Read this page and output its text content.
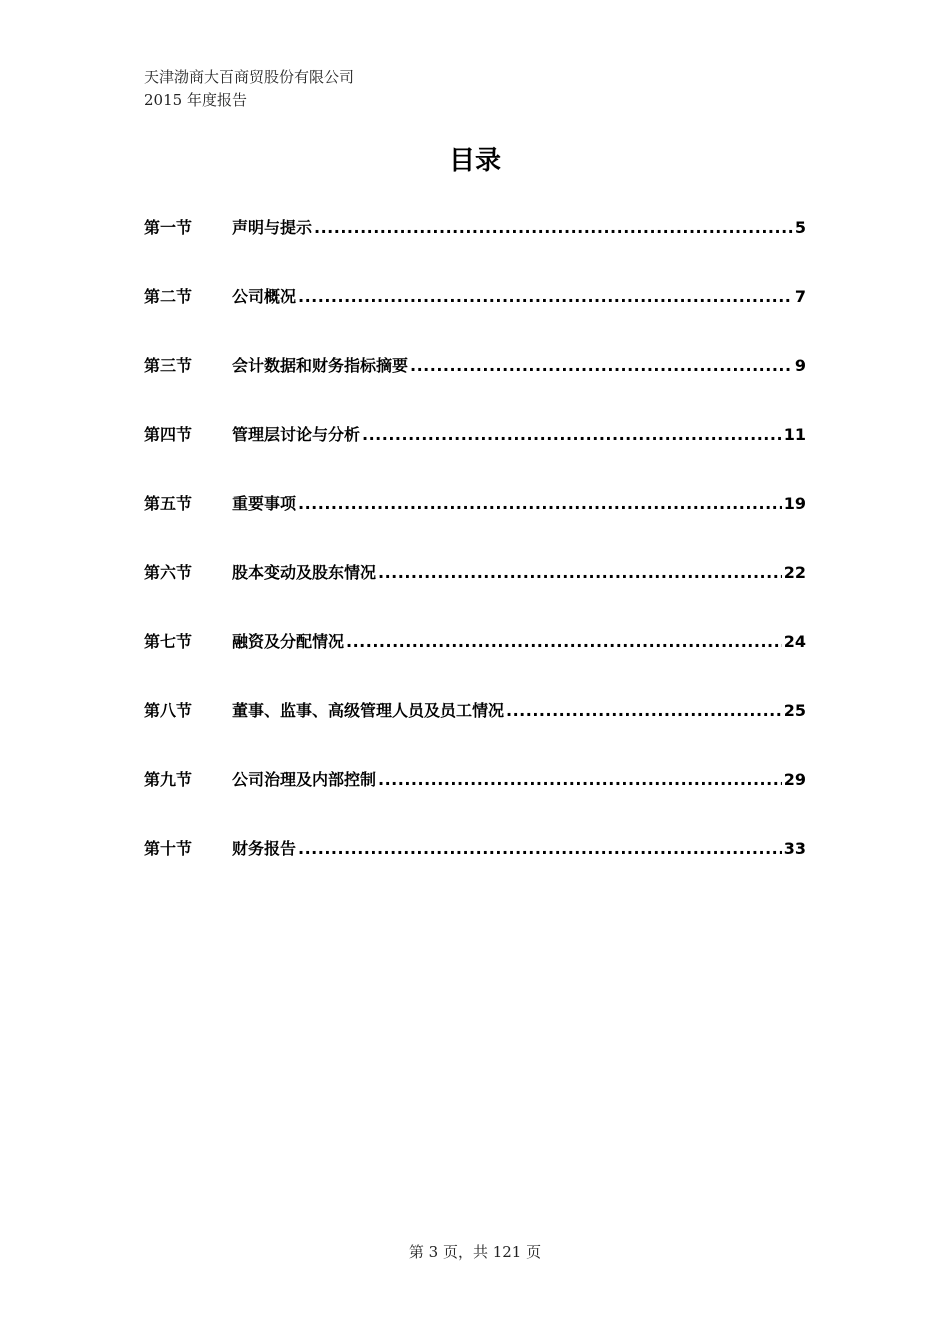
天津渤商大百商贸股份有限公司
2015 年度报告
目录
第一节	声明与提示 .....	5
第二节	公司概况 .....	7
第三节	会计数据和财务指标摘要 .....	9
第四节	管理层讨论与分析 .....	11
第五节	重要事项 .....	19
第六节	股本变动及股东情况 .....	22
第七节	融资及分配情况 .....	24
第八节	董事、监事、高级管理人员及员工情况 .....	25
第九节	公司治理及内部控制 .....	29
第十节	财务报告 .....	33
第 3 页，共 121 页
